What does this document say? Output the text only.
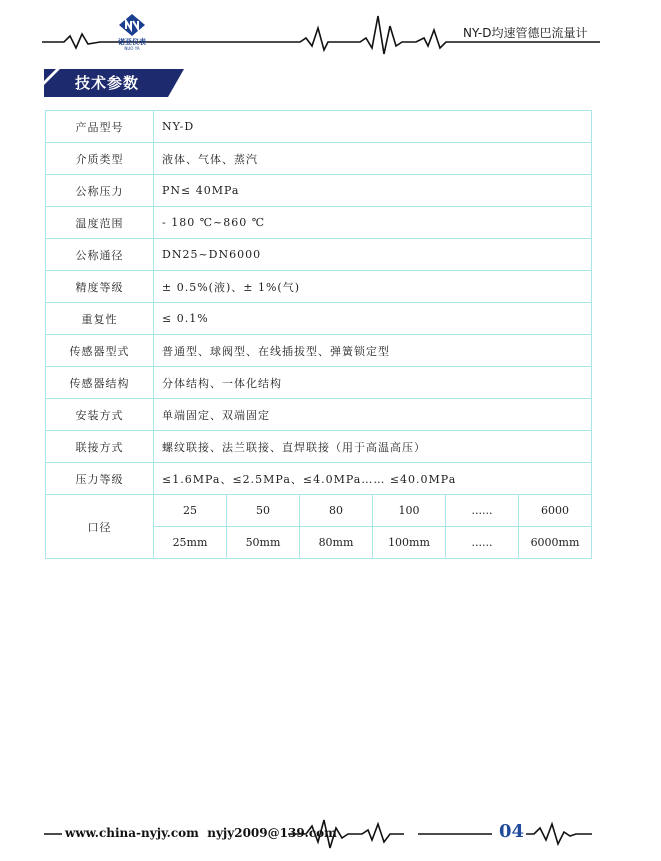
诺亚仪表
NUO YA
NY-D均速管德巴流量计
技术参数
产品型号	NY-D					
介质类型	液体、气体、蒸汽					
公称压力	PN≤ 40MPa					
温度范围	- 180 ℃~860 ℃					
公称通径	DN25~DN6000					
精度等级	± 0.5%(液)、± 1%(气)					
重复性	≤ 0.1%					
传感器型式	普通型、球阀型、在线插拔型、弹簧锁定型					
传感器结构	分体结构、一体化结构					
安装方式	单端固定、双端固定					
联接方式	螺纹联接、法兰联接、直焊联接（用于高温高压）					
压力等级	≤1.6MPa、≤2.5MPa、≤4.0MPa…… ≤40.0MPa					
口径	25	50	80	100	......	6000
	25mm	50mm	80mm	100mm	......	6000mm
www.china-nyjy.com nyjy2009@139.com	04
